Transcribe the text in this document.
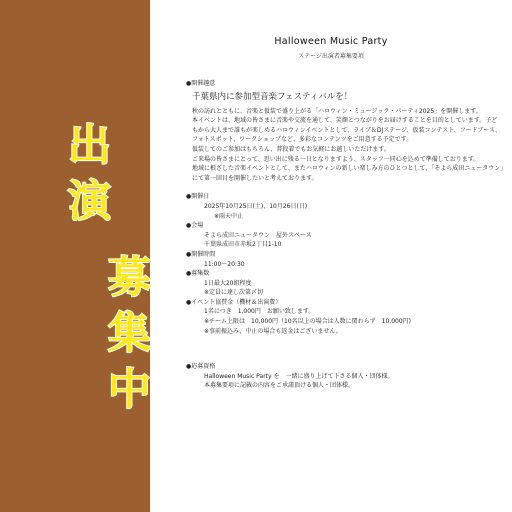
出
演
募
集
中
Halloween Music Party
ステージ出演者募集要項
●開催趣意
千葉県内に参加型音楽フェスティバルを！
秋の訪れとともに、音楽と仮装で盛り上がる「ハロウィン・ミュージック・パーティ2025」を開催します。
本イベントは、地域の皆さまに音楽や交流を通して、笑顔とつながりをお届けすることを目的としています。子ど
もから大人まで誰もが楽しめるハロウィンイベントとして、ライブ＆DJステージ、仮装コンテスト、フードブース、
フォトスポット、ワークショップなど、多彩なコンテンツをご用意する予定です。
仮装してのご参加はもちろん、普段着でもお気軽にお越しいただけます。
ご来場の皆さまにとって、思い出に残る一日となりますよう、スタッフ一同心を込めて準備しております。
地域に根ざした音楽イベントとして、またハロウィンの新しい楽しみ方のひとつとして、「そよら成田ニュータウン」
にて第一回目を開催したいと考えております。
●開催日
2025年10月25日(土)、10月26日(日)
※雨天中止
●会場
そよら成田ニュータウン　屋外スペース
千葉県成田市赤坂2丁目1-10
●開催時間
11:00～20:30
●募集数
1日最大20組程度
※定員に達し次第〆切
●イベント協賛金（機材＆出演費）
1名につき　1,000円　お願い致します。
※チーム上限は　10,000円（10名以上の場合は人数に関わらず　10,000円)
※事前振込み、中止の場合も返金はございません。
●応募資格
Halloween Music Party を　一緒に盛り上げて下さる個人・団体様。
本募集要項に記載の内容をご承諾頂ける個人・団体様。
